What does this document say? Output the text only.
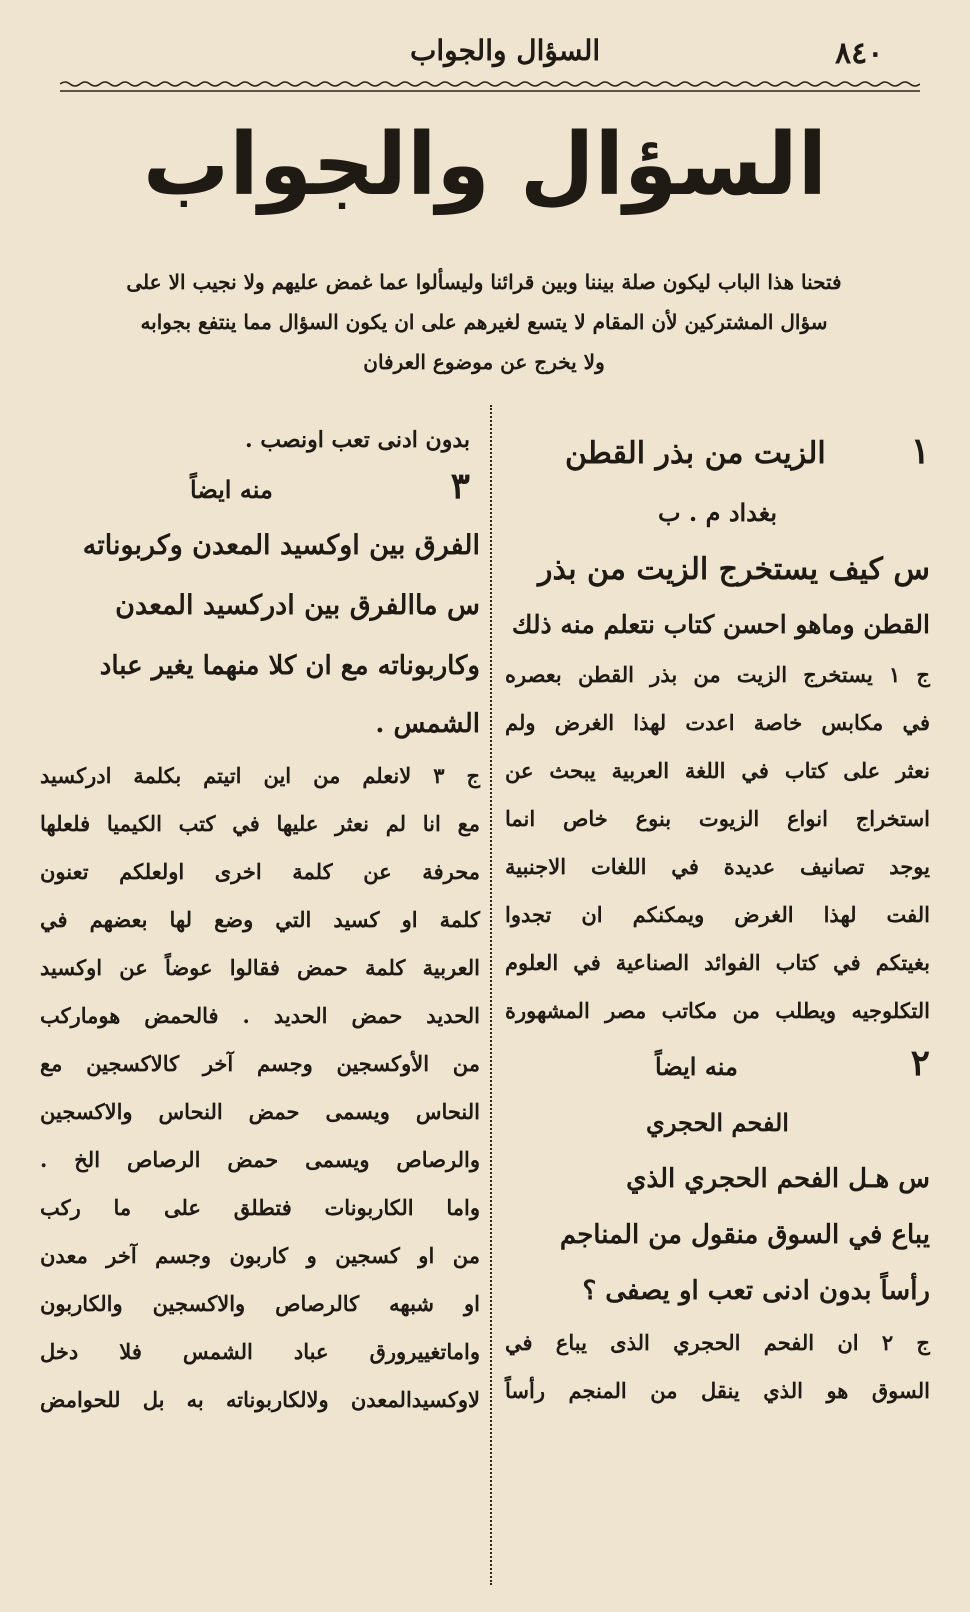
٨٤٠
السؤال والجواب
السؤال والجواب
فتحنا هذا الباب ليكون صلة بيننا وبين قرائنا وليسألوا عما غمض عليهم ولا نجيب الا على
سؤال المشتركين لأن المقام لا يتسع لغيرهم على ان يكون السؤال مما ينتفع بجوابه
ولا يخرج عن موضوع العرفان
١
الزيت من بذر القطن
بغداد م . ب
س كيف يستخرج الزيت من بذر
القطن وماهو احسن كتاب نتعلم منه ذلك
ج ١ يستخرج الزيت من بذر القطن بعصره
في مكابس خاصة اعدت لهذا الغرض ولم
نعثر على كتاب في اللغة العربية يبحث عن
استخراج انواع الزيوت بنوع خاص انما
يوجد تصانيف عديدة في اللغات الاجنبية
الفت لهذا الغرض ويمكنكم ان تجدوا
بغيتكم في كتاب الفوائد الصناعية في العلوم
التكلوجيه ويطلب من مكاتب مصر المشهورة
٢
منه ايضاً
الفحم الحجري
س هـل الفحم الحجري الذي
يباع في السوق منقول من المناجم
رأساً بدون ادنى تعب او يصفى ؟
ج ٢ ان الفحم الحجري الذى يباع في
السوق هو الذي ينقل من المنجم رأساً
بدون ادنى تعب اونصب .
٣
منه ايضاً
الفرق بين اوكسيد المعدن وكربوناته
س ماالفرق بين ادركسيد المعدن
وكاربوناته مع ان كلا منهما يغير عباد
الشمس .
ج ٣ لانعلم من اين اتيتم بكلمة ادركسيد
مع انا لم نعثر عليها في كتب الكيميا فلعلها
محرفة عن كلمة اخرى اولعلكم تعنون
كلمة او كسيد التي وضع لها بعضهم في
العربية كلمة حمض فقالوا عوضاً عن اوكسيد
الحديد حمض الحديد . فالحمض هومارکب
من الأوكسجين وجسم آخر كالاكسجين مع
النحاس ويسمى حمض النحاس والاكسجين
والرصاص ويسمى حمض الرصاص الخ .
واما الكاربونات فتطلق على ما ركب
من او كسجين و كاربون وجسم آخر معدن
او شبهه كالرصاص والاكسجين والكاربون
واماتغييرورق عباد الشمس فلا دخل
لاوكسيدالمعدن ولالكاربوناته به بل للحوامض
